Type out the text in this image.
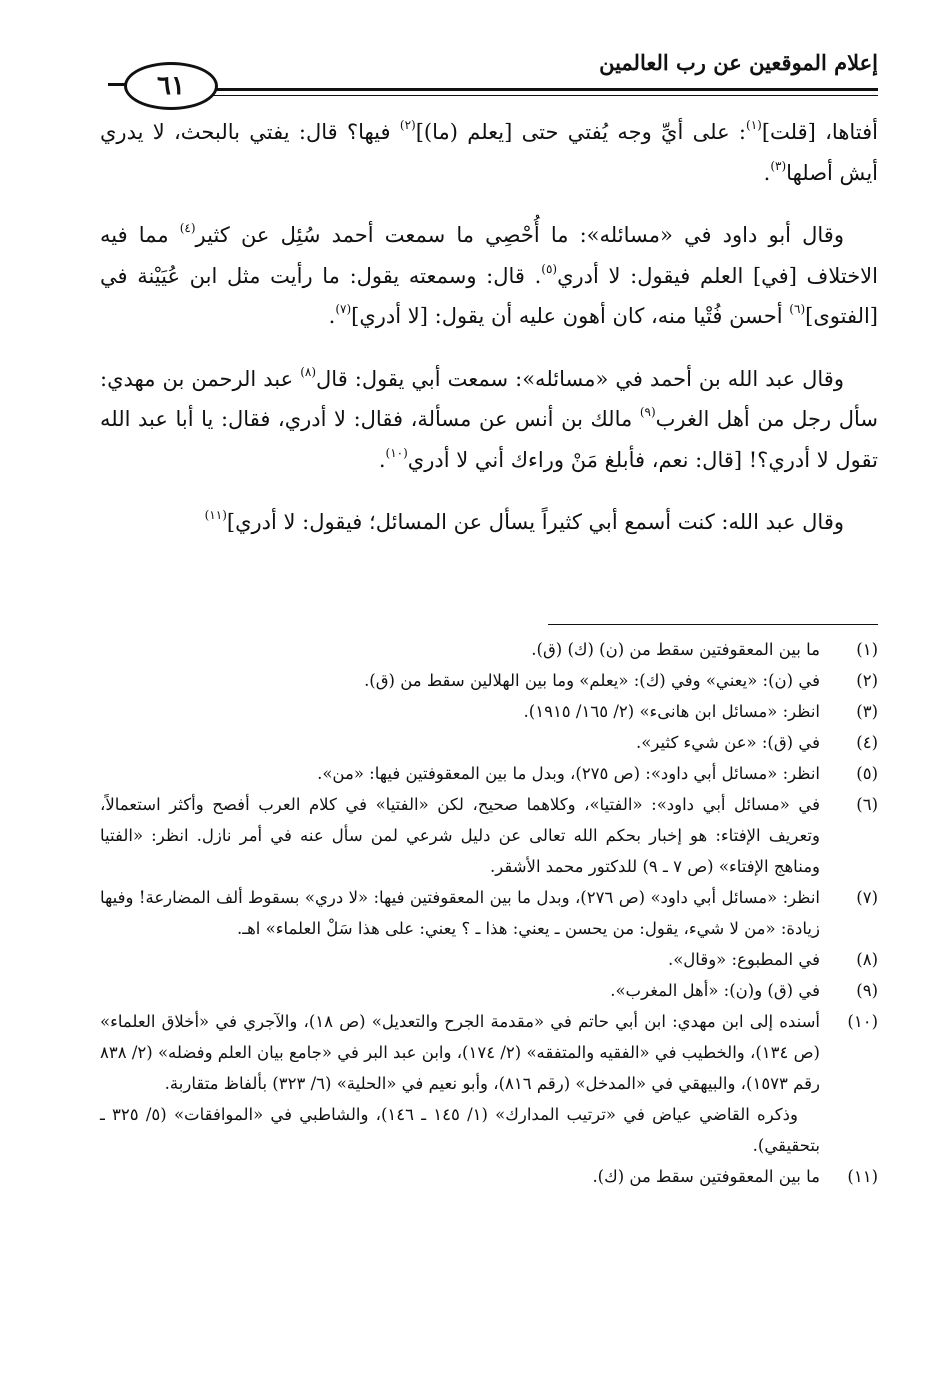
إعلام الموقعين عن رب العالمين
٦١

أفتاها، [قلت]$^{(١)}$: على أيِّ وجه يُفتي حتى [يعلم (ما)]$^{(٢)}$ فيها؟ قال: يفتي بالبحث، لا يدري أيش أصلها$^{(٣)}$.

وقال أبو داود في «مسائله»: ما أُحْصِي ما سمعت أحمد سُئِل عن كثير$^{(٤)}$ مما فيه الاختلاف [في] العلم فيقول: لا أدري$^{(٥)}$. قال: وسمعته يقول: ما رأيت مثل ابن عُيَيْنة في [الفتوى]$^{(٦)}$ أحسن فُتْيا منه، كان أهون عليه أن يقول: [لا أدري]$^{(٧)}$.

وقال عبد الله بن أحمد في «مسائله»: سمعت أبي يقول: قال$^{(٨)}$ عبد الرحمن بن مهدي: سأل رجل من أهل الغرب$^{(٩)}$ مالك بن أنس عن مسألة، فقال: لا أدري، فقال: يا أبا عبد الله تقول لا أدري؟! [قال: نعم، فأبلغ مَنْ وراءك أني لا أدري$^{(١٠)}$.

وقال عبد الله: كنت أسمع أبي كثيراً يسأل عن المسائل؛ فيقول: لا أدري]$^{(١١)}$

(١)
ما بين المعقوفتين سقط من (ن) (ك) (ق).
(٢)
في (ن): «يعني» وفي (ك): «يعلم» وما بين الهلالين سقط من (ق).
(٣)
انظر: «مسائل ابن هانىء» (٢/ ١٦٥/ ١٩١٥).
(٤)
في (ق): «عن شيء كثير».
(٥)
انظر: «مسائل أبي داود»: (ص ٢٧٥)، وبدل ما بين المعقوفتين فيها: «من».
(٦)
في «مسائل أبي داود»: «الفتيا»، وكلاهما صحيح، لكن «الفتيا» في كلام العرب أفصح وأكثر استعمالاً، وتعريف الإفتاء: هو إخبار بحكم الله تعالى عن دليل شرعي لمن سأل عنه في أمر نازل. انظر: «الفتيا ومناهج الإفتاء» (ص ٧ ـ ٩) للدكتور محمد الأشقر.
(٧)
انظر: «مسائل أبي داود» (ص ٢٧٦)، وبدل ما بين المعقوفتين فيها: «لا دري» بسقوط ألف المضارعة! وفيها زيادة: «من لا شيء، يقول: من يحسن ـ يعني: هذا ـ ؟ يعني: على هذا سَلْ العلماء» اهـ.
(٨)
في المطبوع: «وقال».
(٩)
في (ق) و(ن): «أهل المغرب».
(١٠)
أسنده إلى ابن مهدي: ابن أبي حاتم في «مقدمة الجرح والتعديل» (ص ١٨)، والآجري في «أخلاق العلماء» (ص ١٣٤)، والخطيب في «الفقيه والمتفقه» (٢/ ١٧٤)، وابن عبد البر في «جامع بيان العلم وفضله» (٢/ ٨٣٨ رقم ١٥٧٣)، والبيهقي في «المدخل» (رقم ٨١٦)، وأبو نعيم في «الحلية» (٦/ ٣٢٣) بألفاظ متقاربة.
وذكره القاضي عياض في «ترتيب المدارك» (١/ ١٤٥ ـ ١٤٦)، والشاطبي في «الموافقات» (٥/ ٣٢٥ ـ بتحقيقي).
(١١)
ما بين المعقوفتين سقط من (ك).
